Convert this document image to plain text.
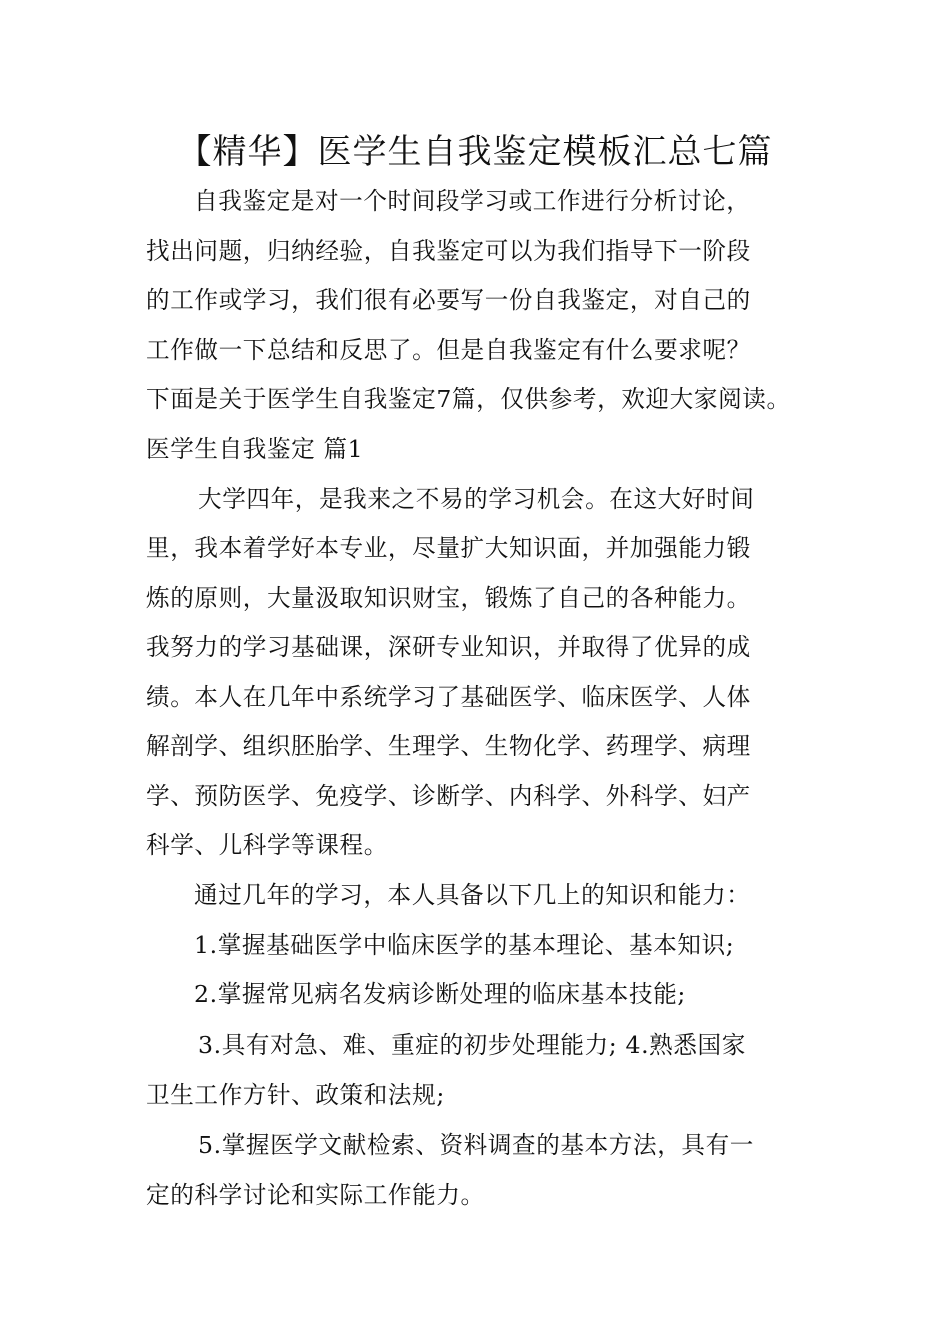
【精华】医学生自我鉴定模板汇总七篇
自我鉴定是对一个时间段学习或工作进行分析讨论，
找出问题，归纳经验，自我鉴定可以为我们指导下一阶段
的工作或学习，我们很有必要写一份自我鉴定，对自己的
工作做一下总结和反思了。但是自我鉴定有什么要求呢？
下面是关于医学生自我鉴定7篇，仅供参考，欢迎大家阅读。
医学生自我鉴定 篇1
大学四年，是我来之不易的学习机会。在这大好时间
里，我本着学好本专业，尽量扩大知识面，并加强能力锻
炼的原则，大量汲取知识财宝，锻炼了自己的各种能力。
我努力的学习基础课，深研专业知识，并取得了优异的成
绩。本人在几年中系统学习了基础医学、临床医学、人体
解剖学、组织胚胎学、生理学、生物化学、药理学、病理
学、预防医学、免疫学、诊断学、内科学、外科学、妇产
科学、儿科学等课程。
通过几年的学习，本人具备以下几上的知识和能力：
1.掌握基础医学中临床医学的基本理论、基本知识;
2.掌握常见病名发病诊断处理的临床基本技能;
3.具有对急、难、重症的初步处理能力; 4.熟悉国家
卫生工作方针、政策和法规;
5.掌握医学文献检索、资料调查的基本方法，具有一
定的科学讨论和实际工作能力。
